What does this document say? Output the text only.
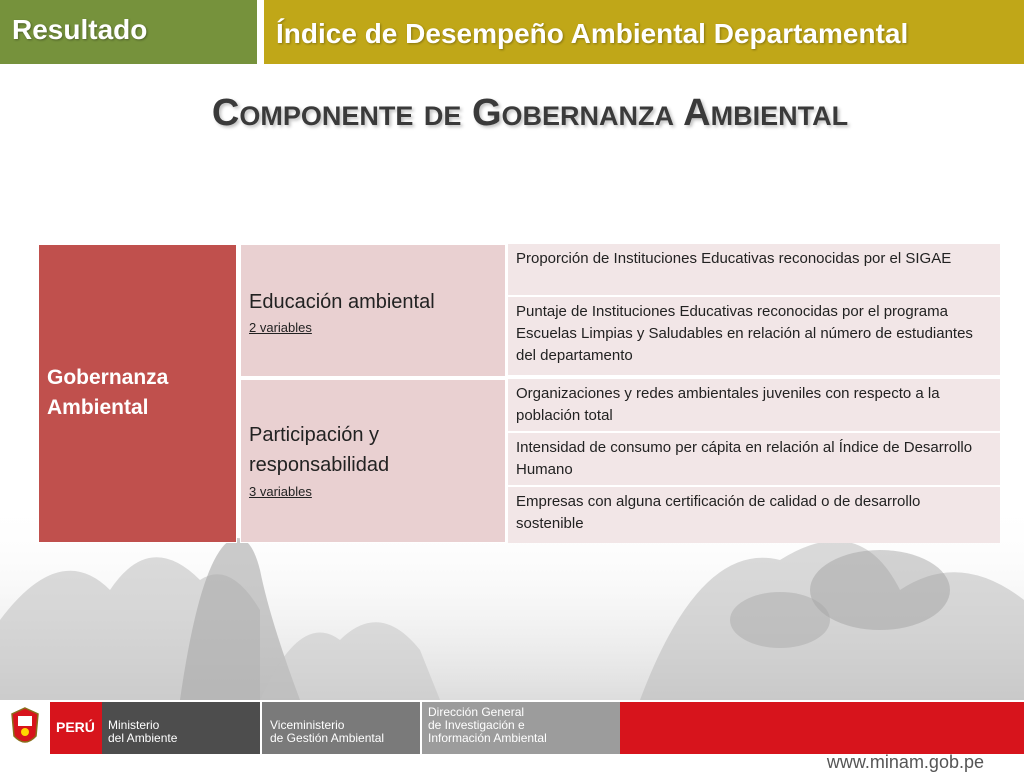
Resultado	Índice de Desempeño Ambiental Departamental
Componente de Gobernanza Ambiental
Gobernanza Ambiental
Educación ambiental
2 variables
Participación y responsabilidad
3 variables
Proporción de Instituciones Educativas reconocidas por el SIGAE
Puntaje de Instituciones Educativas reconocidas por el programa Escuelas Limpias y Saludables en relación al número de estudiantes del departamento
Organizaciones y redes ambientales juveniles con respecto a la población total
Intensidad de consumo per cápita en relación al Índice de Desarrollo Humano
Empresas con alguna certificación de calidad o de desarrollo sostenible
PERÚ Ministerio
del Ambiente
Viceministerio
de Gestión Ambiental
Dirección General
de Investigación e
Información Ambiental
www.minam.gob.pe
